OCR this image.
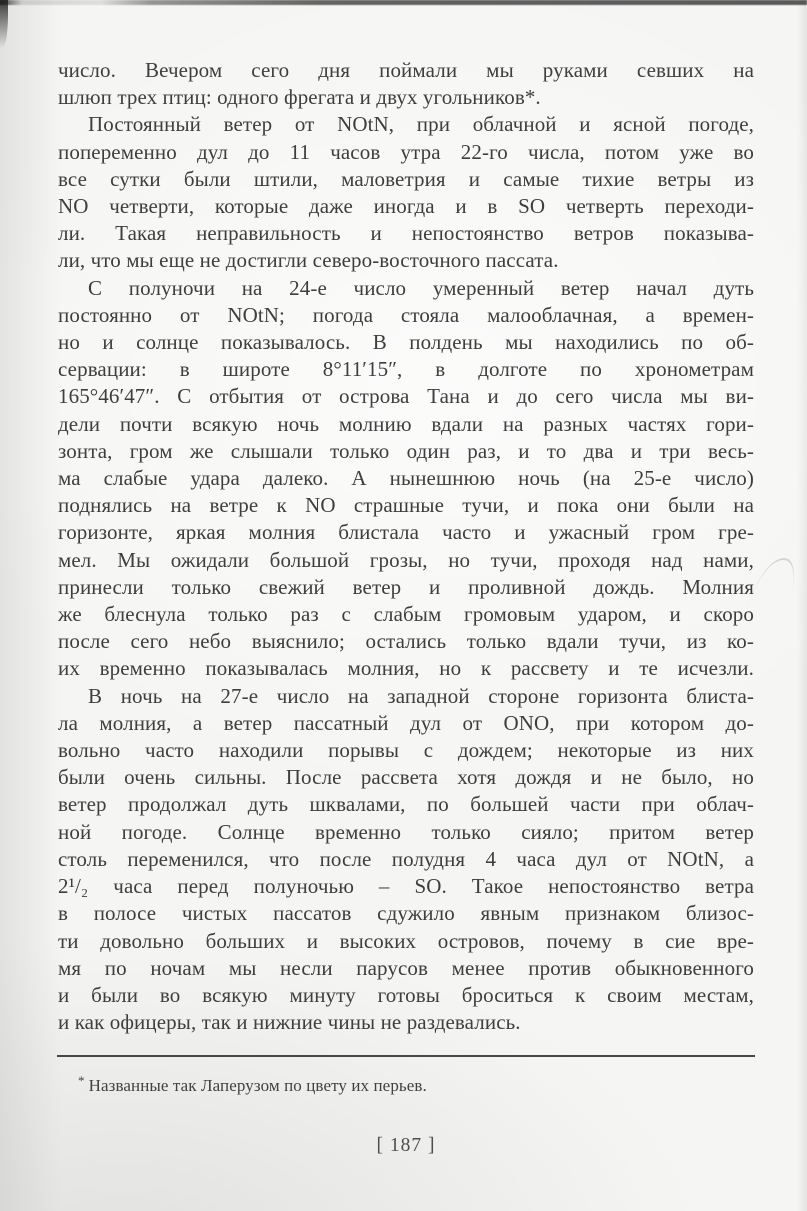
число. Вечером сего дня поймали мы руками севших на
шлюп трех птиц: одного фрегата и двух угольников*.

Постоянный ветер от NOtN, при облачной и ясной погоде,
попеременно дул до 11 часов утра 22-го числа, потом уже во
все сутки были штили, маловетрия и самые тихие ветры из
NO четверти, которые даже иногда и в SO четверть переходи-
ли. Такая неправильность и непостоянство ветров показыва-
ли, что мы еще не достигли северо-восточного пассата.

С полуночи на 24-е число умеренный ветер начал дуть
постоянно от NOtN; погода стояла малооблачная, а времен-
но и солнце показывалось. В полдень мы находились по об-
сервации: в широте 8°11′15″, в долготе по хронометрам
165°46′47″. С отбытия от острова Тана и до сего числа мы ви-
дели почти всякую ночь молнию вдали на разных частях гори-
зонта, гром же слышали только один раз, и то два и три весь-
ма слабые удара далеко. А нынешнюю ночь (на 25-е число)
поднялись на ветре к NO страшные тучи, и пока они были на
горизонте, яркая молния блистала часто и ужасный гром гре-
мел. Мы ожидали большой грозы, но тучи, проходя над нами,
принесли только свежий ветер и проливной дождь. Молния
же блеснула только раз с слабым громовым ударом, и скоро
после сего небо выяснило; остались только вдали тучи, из ко-
их временно показывалась молния, но к рассвету и те исчезли.

В ночь на 27-е число на западной стороне горизонта блиста-
ла молния, а ветер пассатный дул от ONO, при котором до-
вольно часто находили порывы с дождем; некоторые из них
были очень сильны. После рассвета хотя дождя и не было, но
ветер продолжал дуть шквалами, по большей части при облач-
ной погоде. Солнце временно только сияло; притом ветер
столь переменился, что после полудня 4 часа дул от NOtN, а
2¹/₂ часа перед полуночью – SO. Такое непостоянство ветра
в полосе чистых пассатов сдужило явным признаком близос-
ти довольно больших и высоких островов, почему в сие вре-
мя по ночам мы несли парусов менее против обыкновенного
и были во всякую минуту готовы броситься к своим местам,
и как офицеры, так и нижние чины не раздевались.

* Названные так Лаперузом по цвету их перьев.
[ 187 ]
